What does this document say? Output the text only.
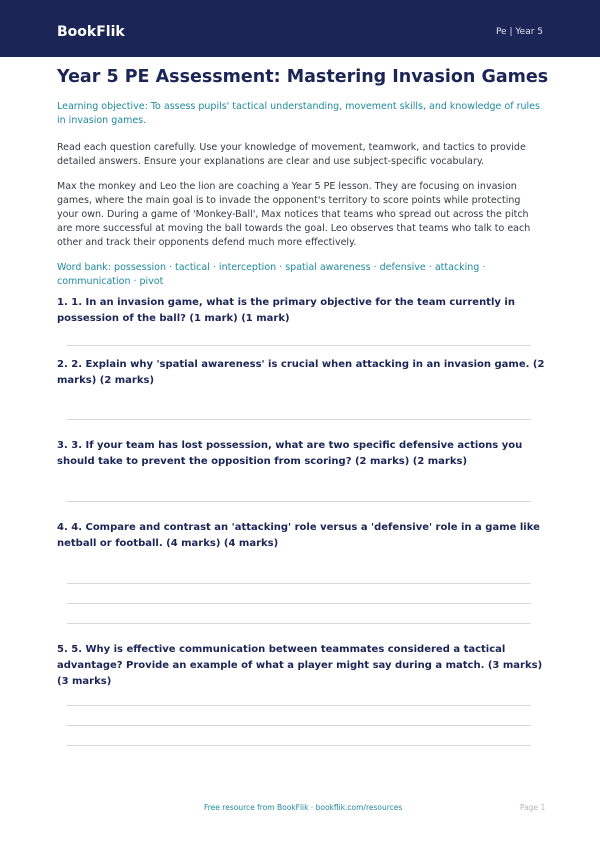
BookFlik	Pe | Year 5
Year 5 PE Assessment: Mastering Invasion Games

Learning objective: To assess pupils' tactical understanding, movement skills, and knowledge of rules in invasion games.

Read each question carefully. Use your knowledge of movement, teamwork, and tactics to provide detailed answers. Ensure your explanations are clear and use subject-specific vocabulary.

Max the monkey and Leo the lion are coaching a Year 5 PE lesson. They are focusing on invasion games, where the main goal is to invade the opponent's territory to score points while protecting your own. During a game of 'Monkey-Ball', Max notices that teams who spread out across the pitch are more successful at moving the ball towards the goal. Leo observes that teams who talk to each other and track their opponents defend much more effectively.

Word bank: possession · tactical · interception · spatial awareness · defensive · attacking · communication · pivot

1. 1. In an invasion game, what is the primary objective for the team currently in possession of the ball? (1 mark) (1 mark)
2. 2. Explain why 'spatial awareness' is crucial when attacking in an invasion game. (2 marks) (2 marks)
3. 3. If your team has lost possession, what are two specific defensive actions you should take to prevent the opposition from scoring? (2 marks) (2 marks)
4. 4. Compare and contrast an 'attacking' role versus a 'defensive' role in a game like netball or football. (4 marks) (4 marks)
5. 5. Why is effective communication between teammates considered a tactical advantage? Provide an example of what a player might say during a match. (3 marks) (3 marks)
Free resource from BookFlik · bookflik.com/resources	Page 1
